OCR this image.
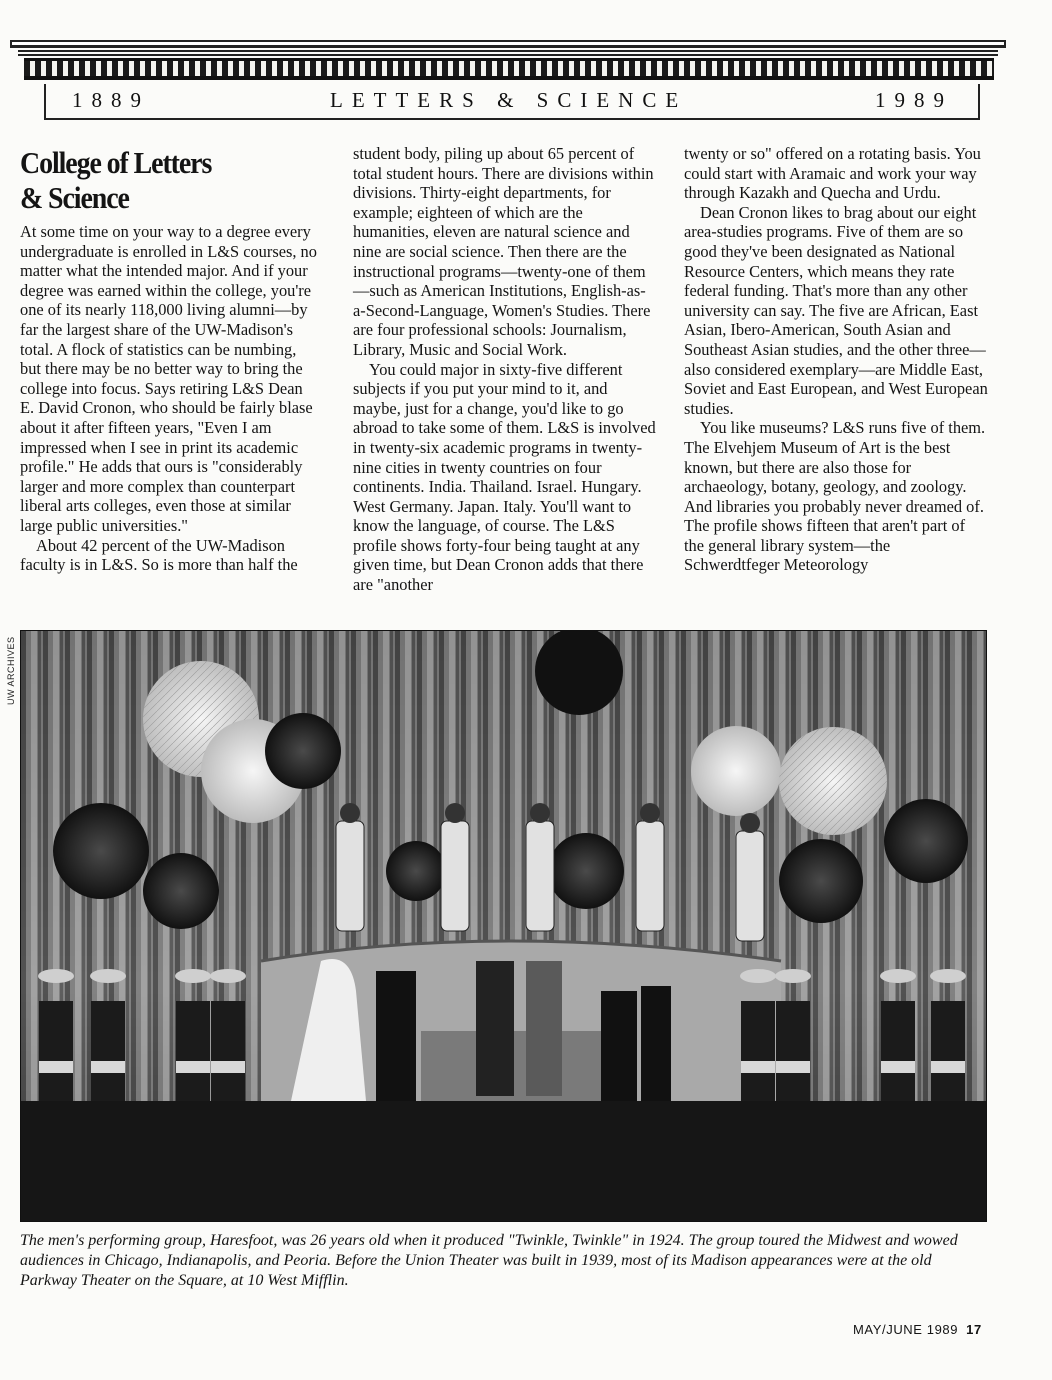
1889	LETTERS & SCIENCE	1989
College of Letters
& Science

At some time on your way to a degree every undergraduate is enrolled in L&S courses, no matter what the intended major. And if your degree was earned within the college, you're one of its nearly 118,000 living alumni—by far the largest share of the UW-Madison's total. A flock of statistics can be numbing, but there may be no better way to bring the college into focus. Says retiring L&S Dean E. David Cronon, who should be fairly blase about it after fifteen years, "Even I am impressed when I see in print its academic profile." He adds that ours is "considerably larger and more complex than counterpart liberal arts colleges, even those at similar large public universities."

About 42 percent of the UW-Madison faculty is in L&S. So is more than half the

student body, piling up about 65 percent of total student hours. There are divisions within divisions. Thirty-eight departments, for example; eighteen of which are the humanities, eleven are natural science and nine are social science. Then there are the instructional programs—twenty-one of them—such as American Institutions, English-as-a-Second-Language, Women's Studies. There are four professional schools: Journalism, Library, Music and Social Work.

You could major in sixty-five different subjects if you put your mind to it, and maybe, just for a change, you'd like to go abroad to take some of them. L&S is involved in twenty-six academic programs in twenty-nine cities in twenty countries on four continents. India. Thailand. Israel. Hungary. West Germany. Japan. Italy. You'll want to know the language, of course. The L&S profile shows forty-four being taught at any given time, but Dean Cronon adds that there are "another

twenty or so" offered on a rotating basis. You could start with Aramaic and work your way through Kazakh and Quecha and Urdu.

Dean Cronon likes to brag about our eight area-studies programs. Five of them are so good they've been designated as National Resource Centers, which means they rate federal funding. That's more than any other university can say. The five are African, East Asian, Ibero-American, South Asian and Southeast Asian studies, and the other three—also considered exemplary—are Middle East, Soviet and East European, and West European studies.

You like museums? L&S runs five of them. The Elvehjem Museum of Art is the best known, but there are also those for archaeology, botany, geology, and zoology. And libraries you probably never dreamed of. The profile shows fifteen that aren't part of the general library system—the Schwerdtfeger Meteorology

UW ARCHIVES
The men's performing group, Haresfoot, was 26 years old when it produced "Twinkle, Twinkle" in 1924. The group toured the Midwest and wowed audiences in Chicago, Indianapolis, and Peoria. Before the Union Theater was built in 1939, most of its Madison appearances were at the old Parkway Theater on the Square, at 10 West Mifflin.
MAY/JUNE 1989 17
